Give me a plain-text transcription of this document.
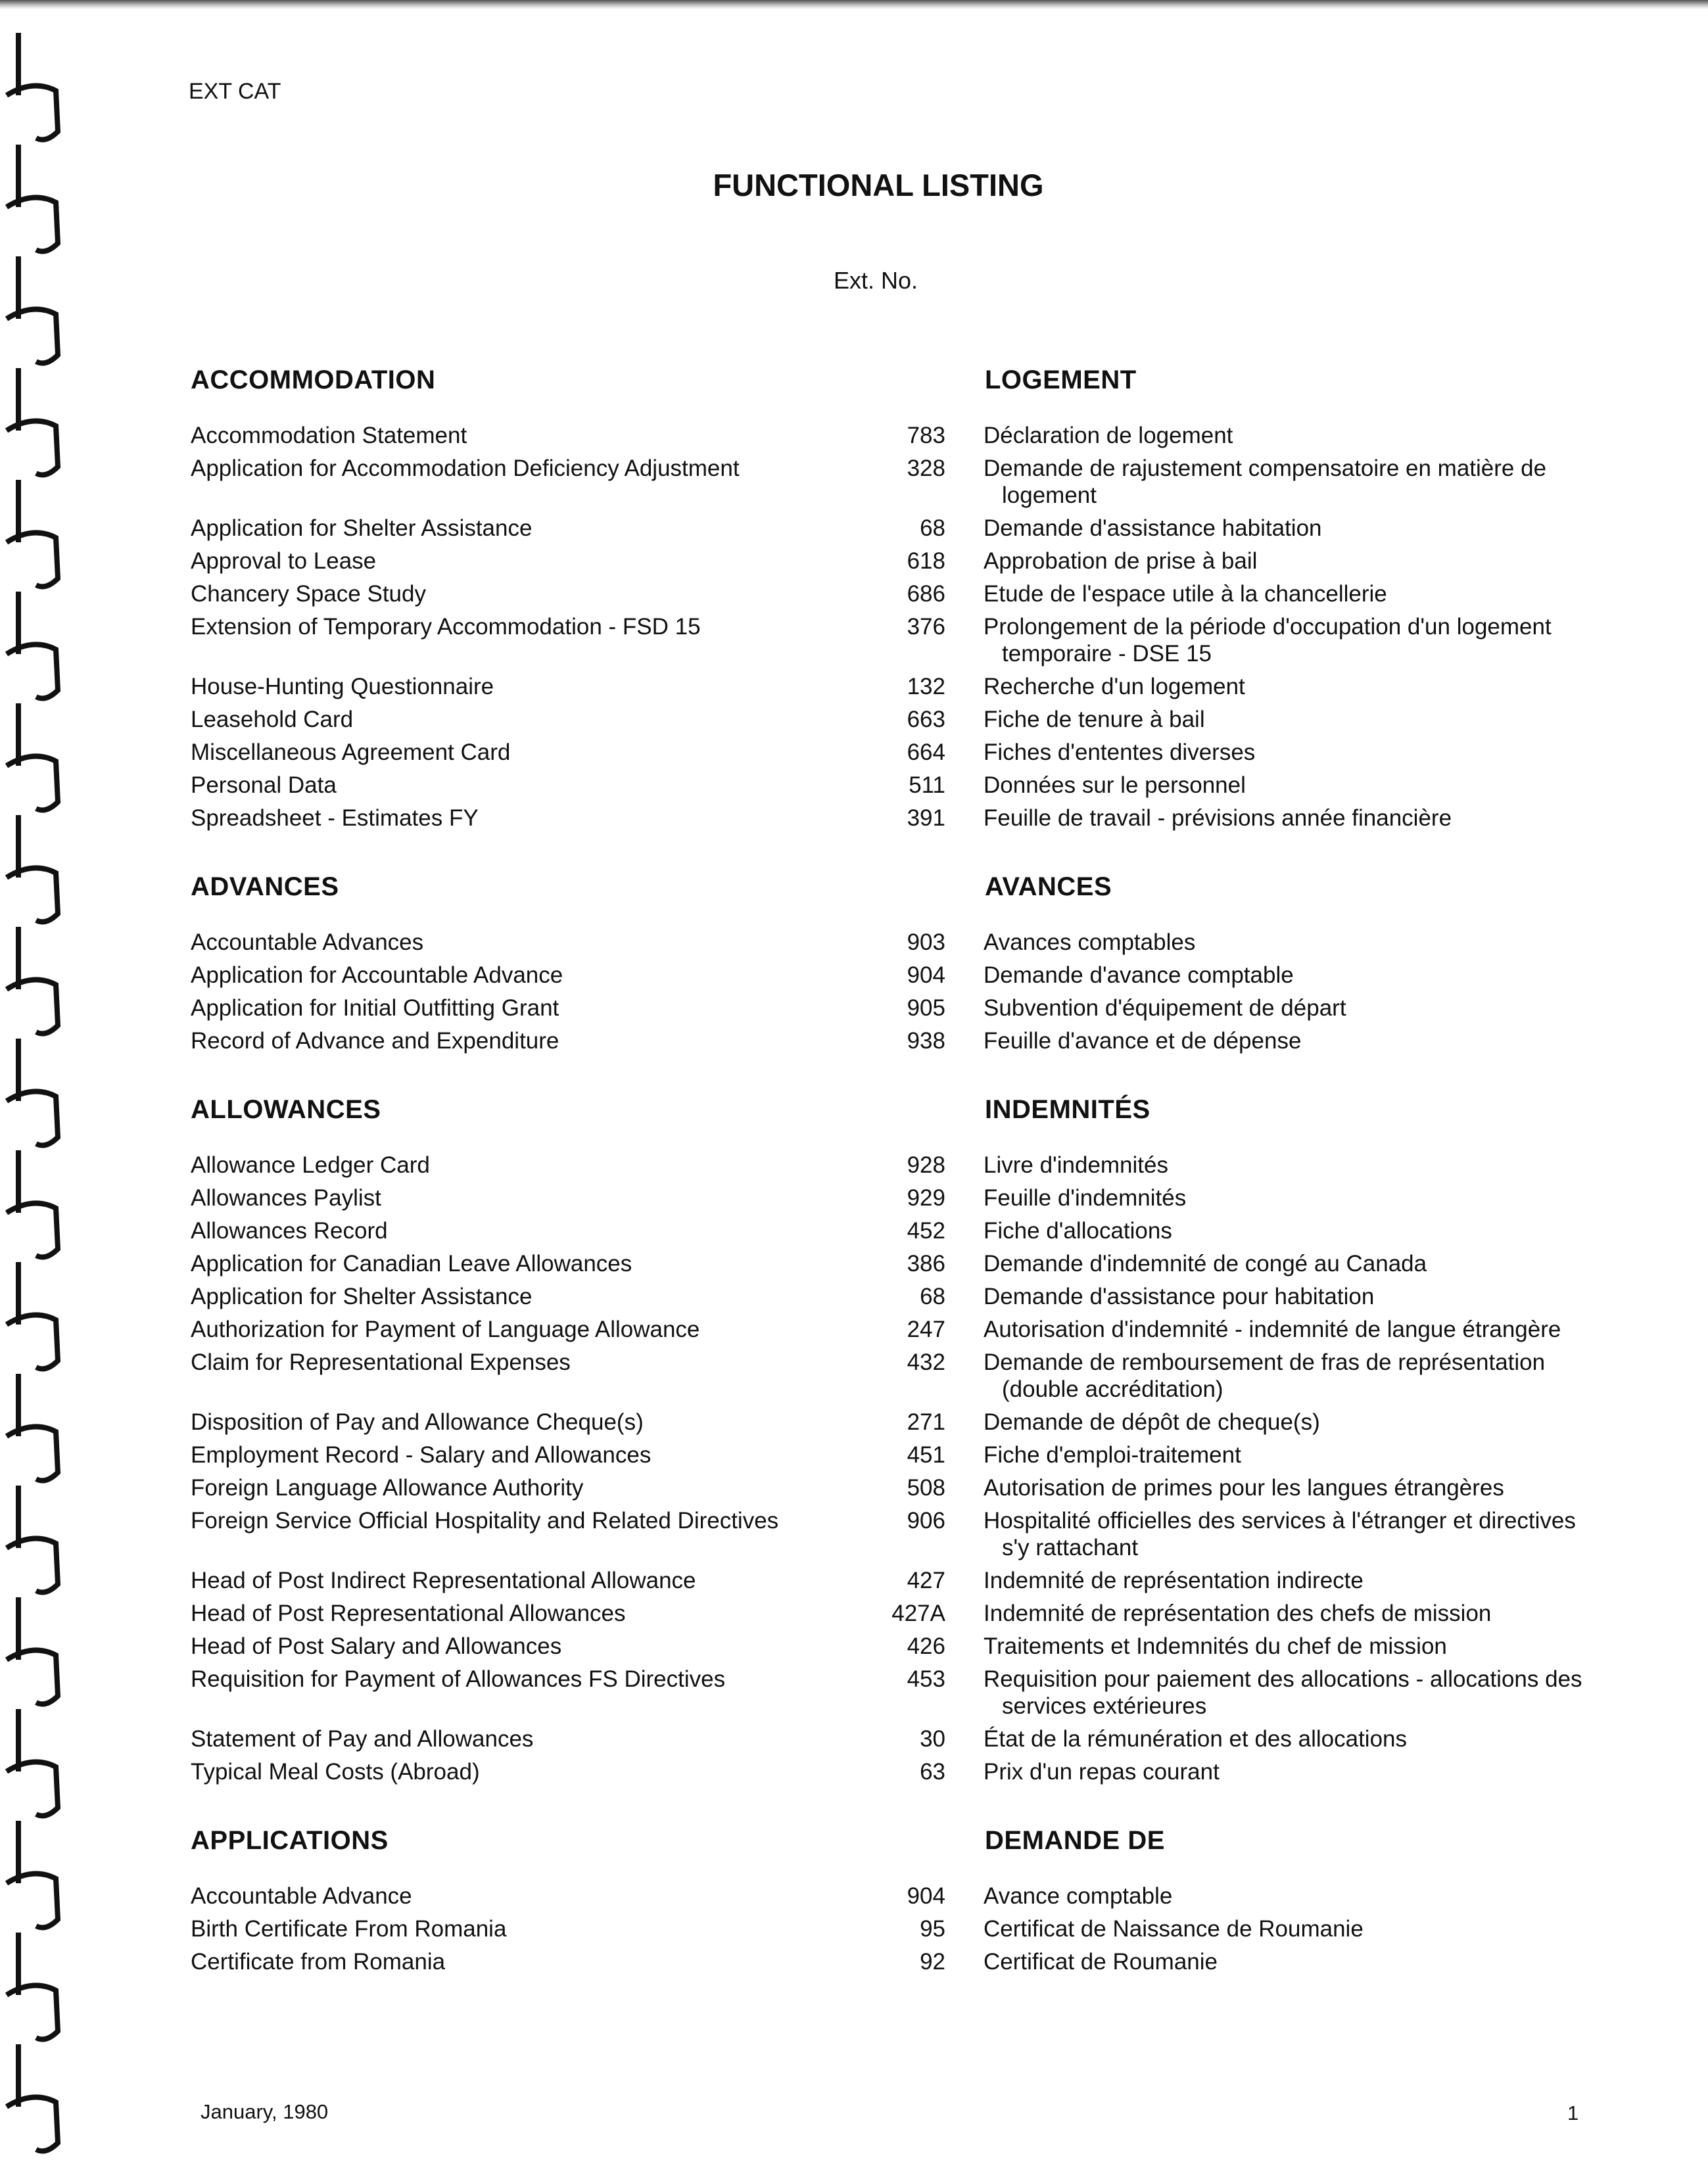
EXT CAT
FUNCTIONAL LISTING
Ext. No.
ACCOMMODATION	LOGEMENT
Accommodation Statement	783 Déclaration de logement
Application for Accommodation Deficiency Adjustment	328 Demande de rajustement compensatoire en matière de logement
Application for Shelter Assistance	68 Demande d'assistance habitation
Approval to Lease	618 Approbation de prise à bail
Chancery Space Study	686 Etude de l'espace utile à la chancellerie
Extension of Temporary Accommodation - FSD 15	376 Prolongement de la période d'occupation d'un logement temporaire - DSE 15
House-Hunting Questionnaire	132 Recherche d'un logement
Leasehold Card	663 Fiche de tenure à bail
Miscellaneous Agreement Card	664 Fiches d'ententes diverses
Personal Data	511 Données sur le personnel
Spreadsheet - Estimates FY	391 Feuille de travail - prévisions année financière
ADVANCES	AVANCES
Accountable Advances	903 Avances comptables
Application for Accountable Advance	904 Demande d'avance comptable
Application for Initial Outfitting Grant	905 Subvention d'équipement de départ
Record of Advance and Expenditure	938 Feuille d'avance et de dépense
ALLOWANCES	INDEMNITÉS
Allowance Ledger Card	928 Livre d'indemnités
Allowances Paylist	929 Feuille d'indemnités
Allowances Record	452 Fiche d'allocations
Application for Canadian Leave Allowances	386 Demande d'indemnité de congé au Canada
Application for Shelter Assistance	68 Demande d'assistance pour habitation
Authorization for Payment of Language Allowance	247 Autorisation d'indemnité - indemnité de langue étrangère
Claim for Representational Expenses	432 Demande de remboursement de fras de représentation (double accréditation)
Disposition of Pay and Allowance Cheque(s)	271 Demande de dépôt de cheque(s)
Employment Record - Salary and Allowances	451 Fiche d'emploi-traitement
Foreign Language Allowance Authority	508 Autorisation de primes pour les langues étrangères
Foreign Service Official Hospitality and Related Directives	906 Hospitalité officielles des services à l'étranger et directives s'y rattachant
Head of Post Indirect Representational Allowance	427 Indemnité de représentation indirecte
Head of Post Representational Allowances	427A Indemnité de représentation des chefs de mission
Head of Post Salary and Allowances	426 Traitements et Indemnités du chef de mission
Requisition for Payment of Allowances FS Directives	453 Requisition pour paiement des allocations - allocations des services extérieures
Statement of Pay and Allowances	30 État de la rémunération et des allocations
Typical Meal Costs (Abroad)	63 Prix d'un repas courant
APPLICATIONS	DEMANDE DE
Accountable Advance	904 Avance comptable
Birth Certificate From Romania	95 Certificat de Naissance de Roumanie
Certificate from Romania	92 Certificat de Roumanie
January, 1980	1
